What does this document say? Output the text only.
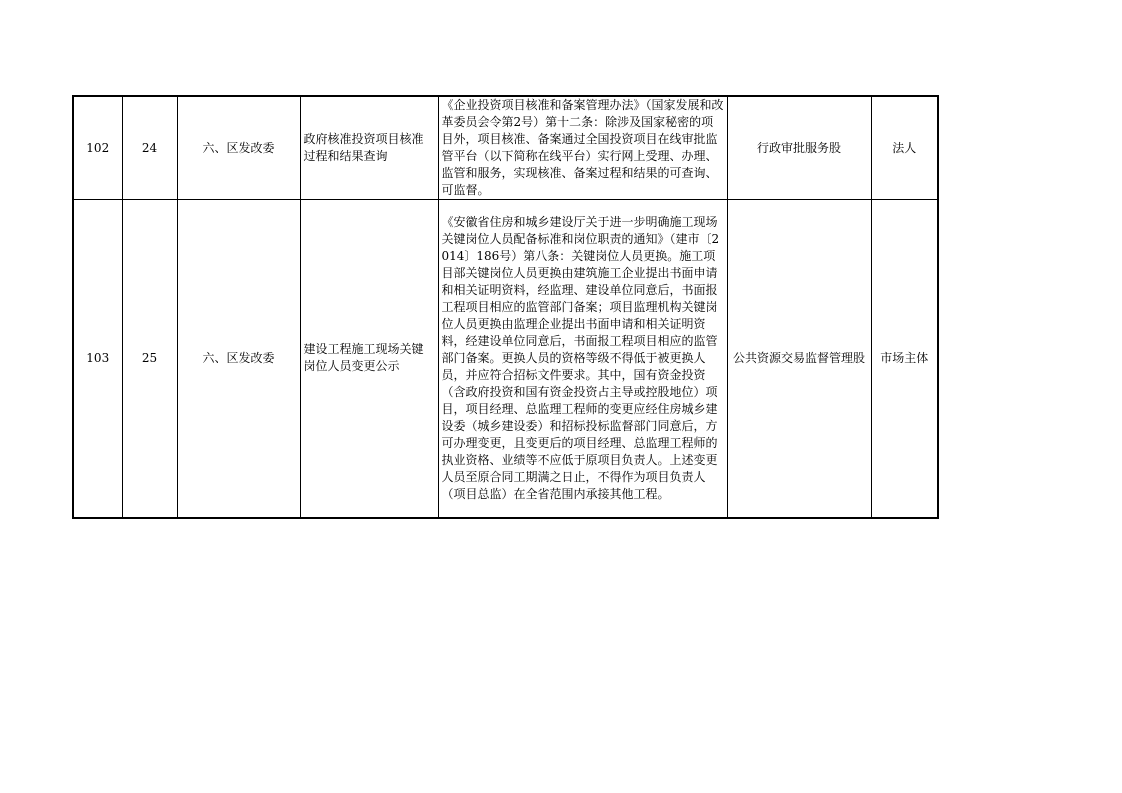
102	24	六、区发改委	政府核准投资项目核准过程和结果查询	《企业投资项目核准和备案管理办法》（国家发展和改革委员会令第2号）第十二条：除涉及国家秘密的项目外，项目核准、备案通过全国投资项目在线审批监管平台（以下简称在线平台）实行网上受理、办理、监管和服务，实现核准、备案过程和结果的可查询、可监督。	行政审批服务股	法人
103	25	六、区发改委	建设工程施工现场关键岗位人员变更公示	《安徽省住房和城乡建设厅关于进一步明确施工现场关键岗位人员配备标准和岗位职责的通知》（建市〔2014〕186号）第八条：关键岗位人员更换。施工项目部关键岗位人员更换由建筑施工企业提出书面申请和相关证明资料，经监理、建设单位同意后，书面报工程项目相应的监管部门备案；项目监理机构关键岗位人员更换由监理企业提出书面申请和相关证明资料，经建设单位同意后，书面报工程项目相应的监管部门备案。更换人员的资格等级不得低于被更换人员，并应符合招标文件要求。其中，国有资金投资（含政府投资和国有资金投资占主导或控股地位）项目，项目经理、总监理工程师的变更应经住房城乡建设委（城乡建设委）和招标投标监督部门同意后，方可办理变更，且变更后的项目经理、总监理工程师的执业资格、业绩等不应低于原项目负责人。上述变更人员至原合同工期满之日止，不得作为项目负责人（项目总监）在全省范围内承接其他工程。	公共资源交易监督管理股	市场主体
